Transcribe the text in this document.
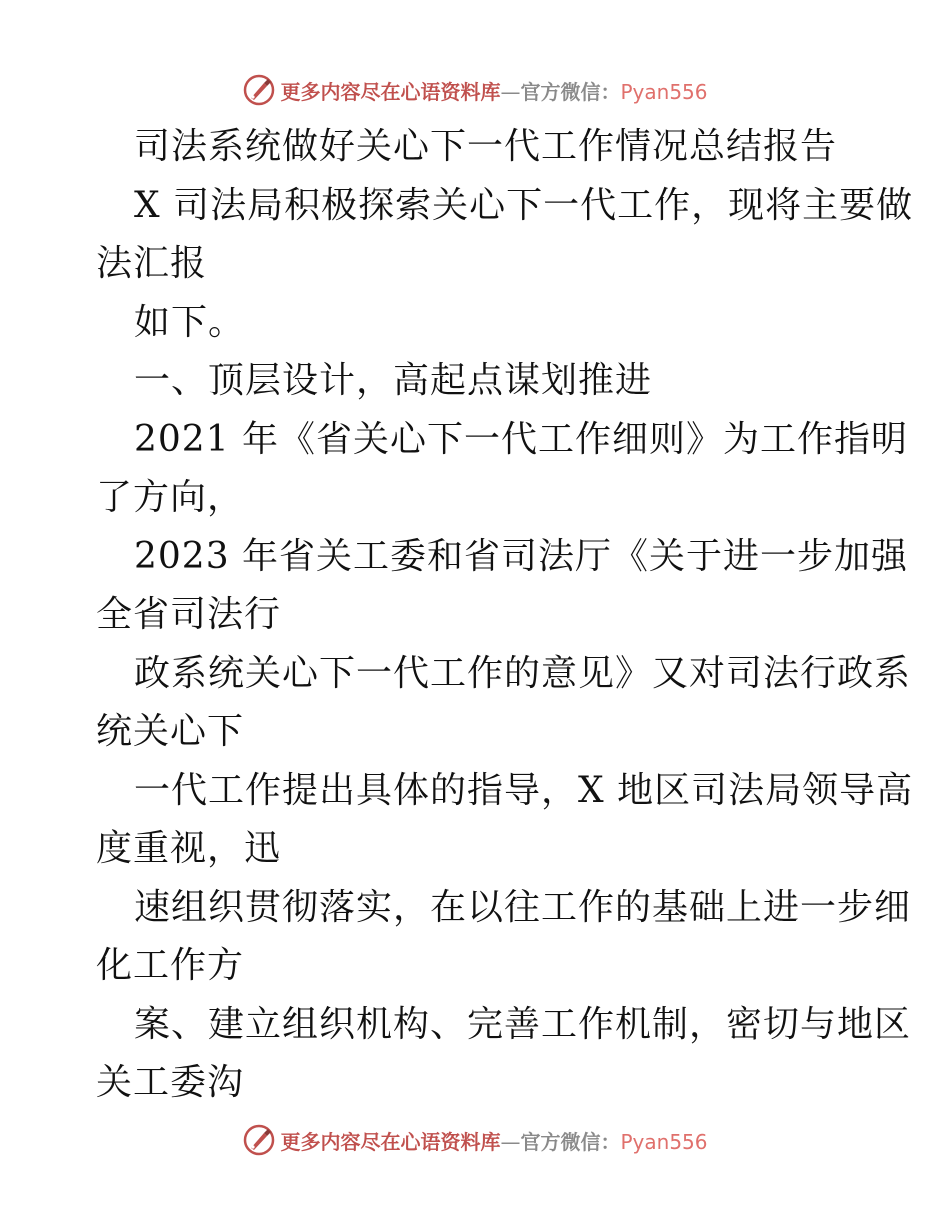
更多内容尽在心语资料库—官方微信：Pyan556
司法系统做好关心下一代工作情况总结报告
X 司法局积极探索关心下一代工作，现将主要做
法汇报
如下。
一、顶层设计，高起点谋划推进
2021 年《省关心下一代工作细则》为工作指明
了方向，
2023 年省关工委和省司法厅《关于进一步加强
全省司法行
政系统关心下一代工作的意见》又对司法行政系
统关心下
一代工作提出具体的指导，X 地区司法局领导高
度重视，迅
速组织贯彻落实，在以往工作的基础上进一步细
化工作方
案、建立组织机构、完善工作机制，密切与地区
关工委沟
更多内容尽在心语资料库—官方微信：Pyan556
